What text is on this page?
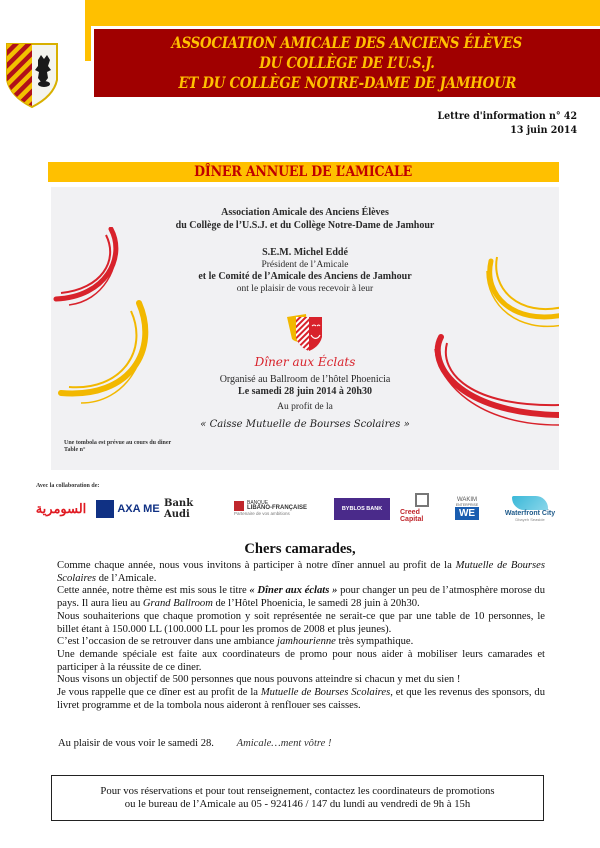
ASSOCIATION AMICALE DES ANCIENS ÉLÈVES
DU COLLÈGE DE L’U.S.J.
ET DU COLLÈGE NOTRE-DAME DE JAMHOUR
Lettre d'information n° 42
13 juin 2014
DÎNER ANNUEL DE L’AMICALE
Association Amicale des Anciens Élèves
du Collège de l’U.S.J. et du Collège Notre-Dame de Jamhour
S.E.M. Michel Eddé
Président de l’Amicale
et le Comité de l’Amicale des Anciens de Jamhour
ont le plaisir de vous recevoir à leur
Dîner aux Éclats
Organisé au Ballroom de l’hôtel Phoenicia
Le samedi 28 juin 2014 à 20h30
Au profit de la
« Caisse Mutuelle de Bourses Scolaires »
Une tombola est prévue au cours du diner
Table n°
Avec la collaboration de:
السومرية	AXA ME Bank Audi
BANQUE
LIBANO-FRANÇAISE
Partenaire de vos ambitions
BYBLOS BANK	Creed Capital
WAKIM
ENTERPRISE
WE	Waterfront City
Dbayeh Seaside
Chers camarades,

Comme chaque année, nous vous invitons à participer à notre dîner annuel au profit de la Mutuelle de Bourses Scolaires de l’Amicale.

Cette année, notre thème est mis sous le titre « Dîner aux éclats » pour changer un peu de l’atmosphère morose du pays. Il aura lieu au Grand Ballroom de l’Hôtel Phoenicia, le samedi 28 juin à 20h30.

Nous souhaiterions que chaque promotion y soit représentée ne serait-ce que par une table de 10 personnes, le billet étant à 150.000 LL (100.000 LL pour les promos de 2008 et plus jeunes).

C’est l’occasion de se retrouver dans une ambiance jamhourienne très sympathique.

Une demande spéciale est faite aux coordinateurs de promo pour nous aider à mobiliser leurs camarades et participer à la réussite de ce diner.

Nous visons un objectif de 500 personnes que nous pouvons atteindre si chacun y met du sien !

Je vous rappelle que ce dîner est au profit de la Mutuelle de Bourses Scolaires, et que les revenus des sponsors, du livret programme et de la tombola nous aideront à renflouer ses caisses.

Au plaisir de vous voir le samedi 28. Amicale…ment vôtre !
Pour vos réservations et pour tout renseignement, contactez les coordinateurs de promotions
ou le bureau de l’Amicale au 05 - 924146 / 147 du lundi au vendredi de 9h à 15h
